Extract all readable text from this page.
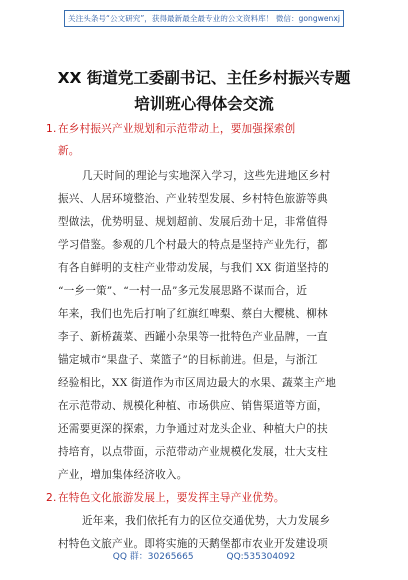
关注头条号“公文研究”，获得最新最全最专业的公文资料库！ 微信：gongwenxj
XX 街道党工委副书记、主任乡村振兴专题
培训班心得体会交流
1.在乡村振兴产业规划和示范带动上，要加强探索创
新。
几天时间的理论与实地深入学习，这些先进地区乡村
振兴、人居环境整治、产业转型发展、乡村特色旅游等典
型做法，优势明显、规划超前、发展后劲十足，非常值得
学习借鉴。参观的几个村最大的特点是坚持产业先行，都
有各自鲜明的支柱产业带动发展，与我们 XX 街道坚持的
“一乡一策”、“一村一品”多元发展思路不谋而合，近
年来，我们也先后打响了红旗红啤梨、蔡白大樱桃、柳林
李子、新桥蔬菜、西罐小杂果等一批特色产业品牌，一直
锚定城市“果盘子、菜篮子”的目标前进。但是，与浙江
经验相比，XX 街道作为市区周边最大的水果、蔬菜主产地
在示范带动、规模化种植、市场供应、销售渠道等方面，
还需要更深的探索，力争通过对龙头企业、种植大户的扶
持培育，以点带面，示范带动产业规模化发展，壮大支柱
产业，增加集体经济收入。
2.在特色文化旅游发展上，要发挥主导产业优势。
近年来，我们依托有力的区位交通优势，大力发展乡
村特色文旅产业。即将实施的天鹅堡都市农业开发建设项
QQ 群：30265665	QQ:535304092
